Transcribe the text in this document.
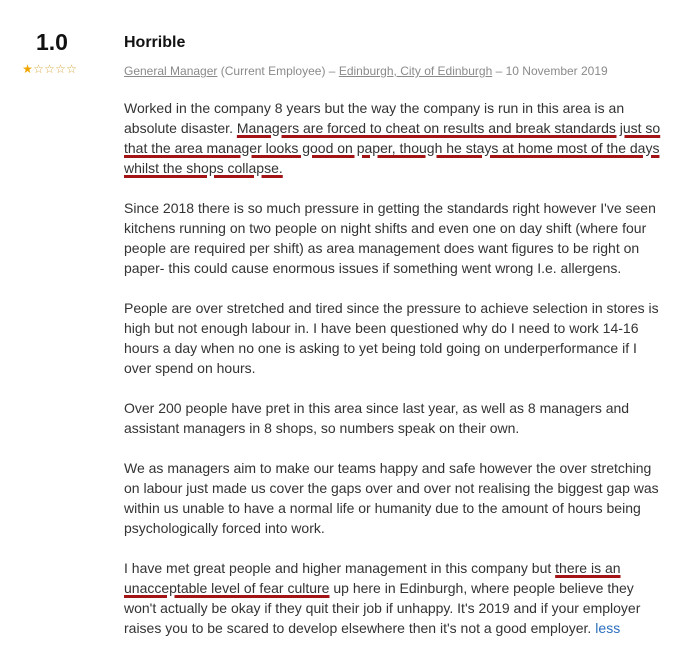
1.0
★☆☆☆☆
Horrible
General Manager (Current Employee) – Edinburgh, City of Edinburgh – 10 November 2019

Worked in the company 8 years but the way the company is run in this area is an absolute disaster. Managers are forced to cheat on results and break standards just so that the area manager looks good on paper, though he stays at home most of the days whilst the shops collapse.

Since 2018 there is so much pressure in getting the standards right however I've seen kitchens running on two people on night shifts and even one on day shift (where four people are required per shift) as area management does want figures to be right on paper- this could cause enormous issues if something went wrong I.e. allergens.

People are over stretched and tired since the pressure to achieve selection in stores is high but not enough labour in. I have been questioned why do I need to work 14-16 hours a day when no one is asking to yet being told going on underperformance if I over spend on hours.

Over 200 people have pret in this area since last year, as well as 8 managers and assistant managers in 8 shops, so numbers speak on their own.

We as managers aim to make our teams happy and safe however the over stretching on labour just made us cover the gaps over and over not realising the biggest gap was within us unable to have a normal life or humanity due to the amount of hours being psychologically forced into work.

I have met great people and higher management in this company but there is an unacceptable level of fear culture up here in Edinburgh, where people believe they won't actually be okay if they quit their job if unhappy. It's 2019 and if your employer raises you to be scared to develop elsewhere then it's not a good employer. less
